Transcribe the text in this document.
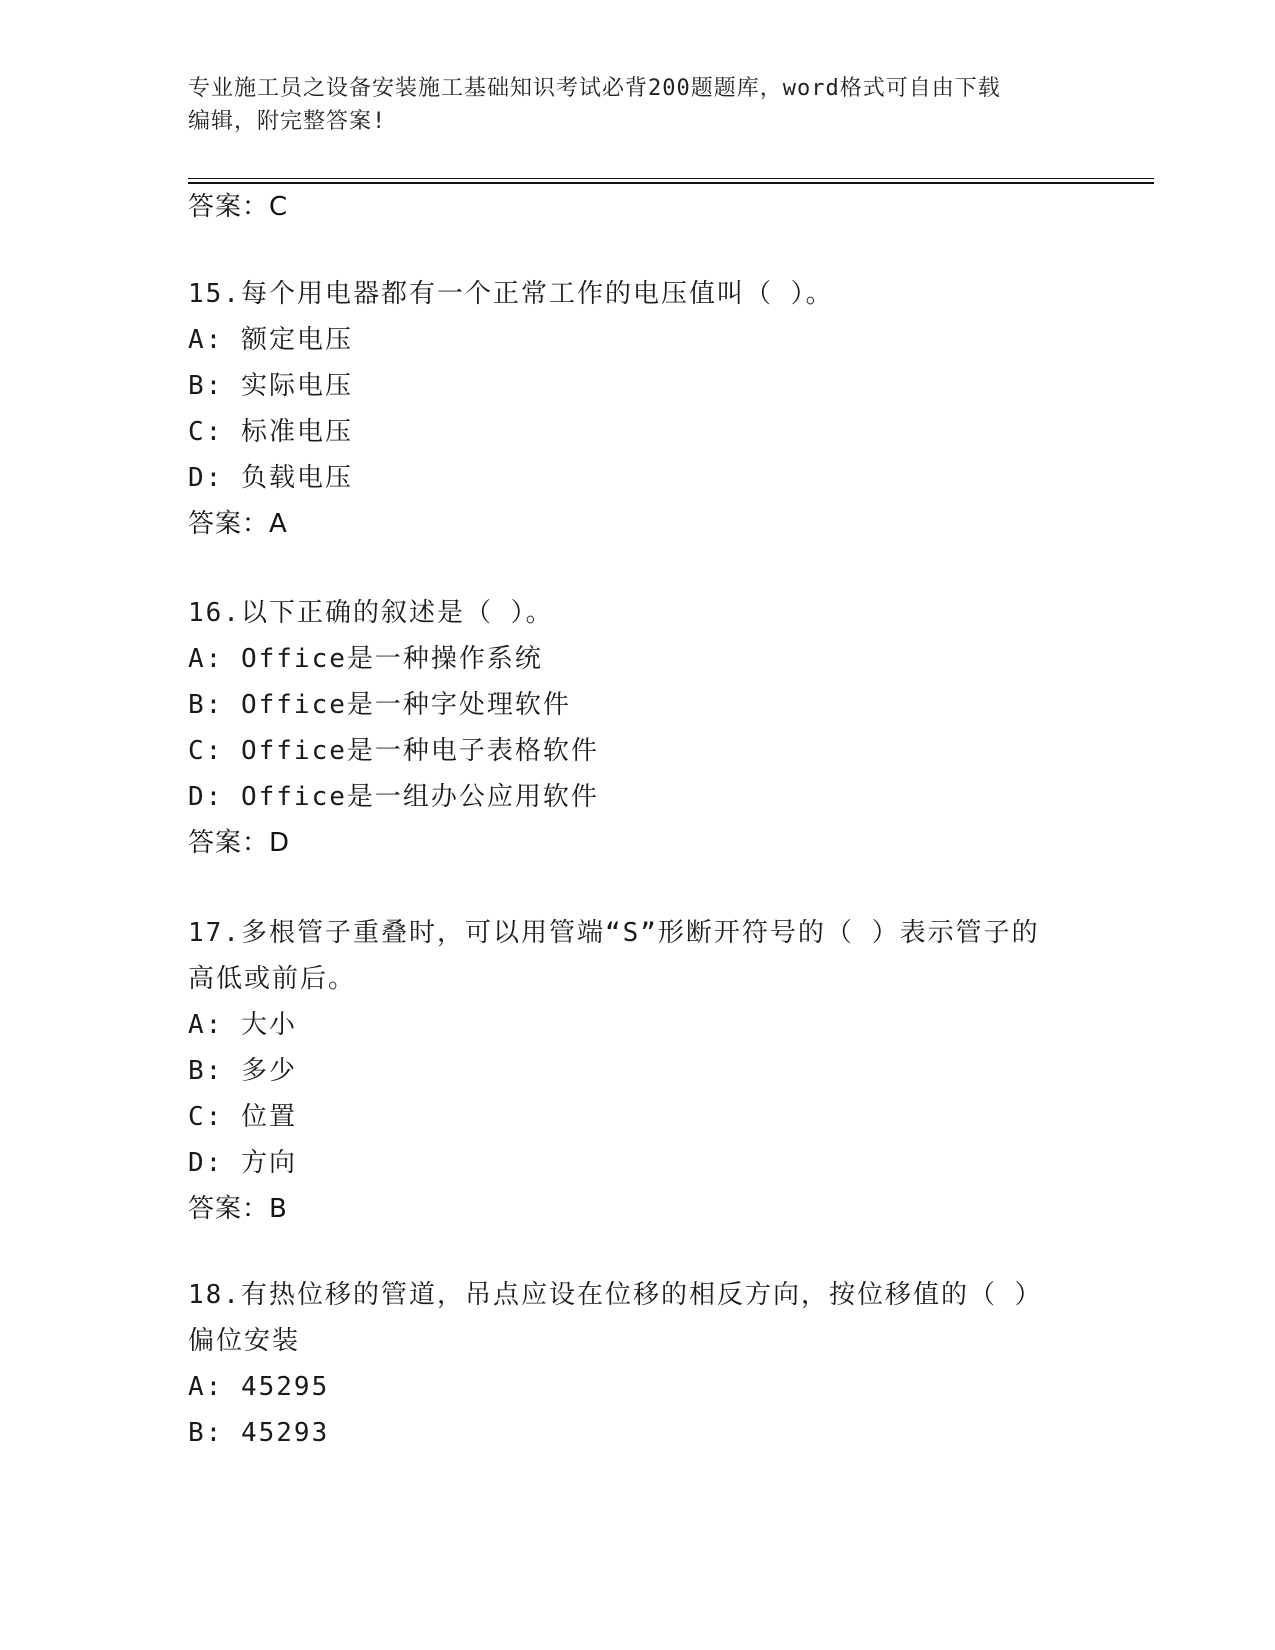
专业施工员之设备安装施工基础知识考试必背200题题库，word格式可自由下载
编辑，附完整答案!
答案：C
15.每个用电器都有一个正常工作的电压值叫（ ）。
A: 额定电压
B: 实际电压
C: 标准电压
D: 负载电压
答案：A
16.以下正确的叙述是（ ）。
A: Office是一种操作系统
B: Office是一种字处理软件
C: Office是一种电子表格软件
D: Office是一组办公应用软件
答案：D
17.多根管子重叠时，可以用管端“S”形断开符号的（ ）表示管子的
高低或前后。
A: 大小
B: 多少
C: 位置
D: 方向
答案：B
18.有热位移的管道，吊点应设在位移的相反方向，按位移值的（ ）
偏位安装
A: 45295
B: 45293
